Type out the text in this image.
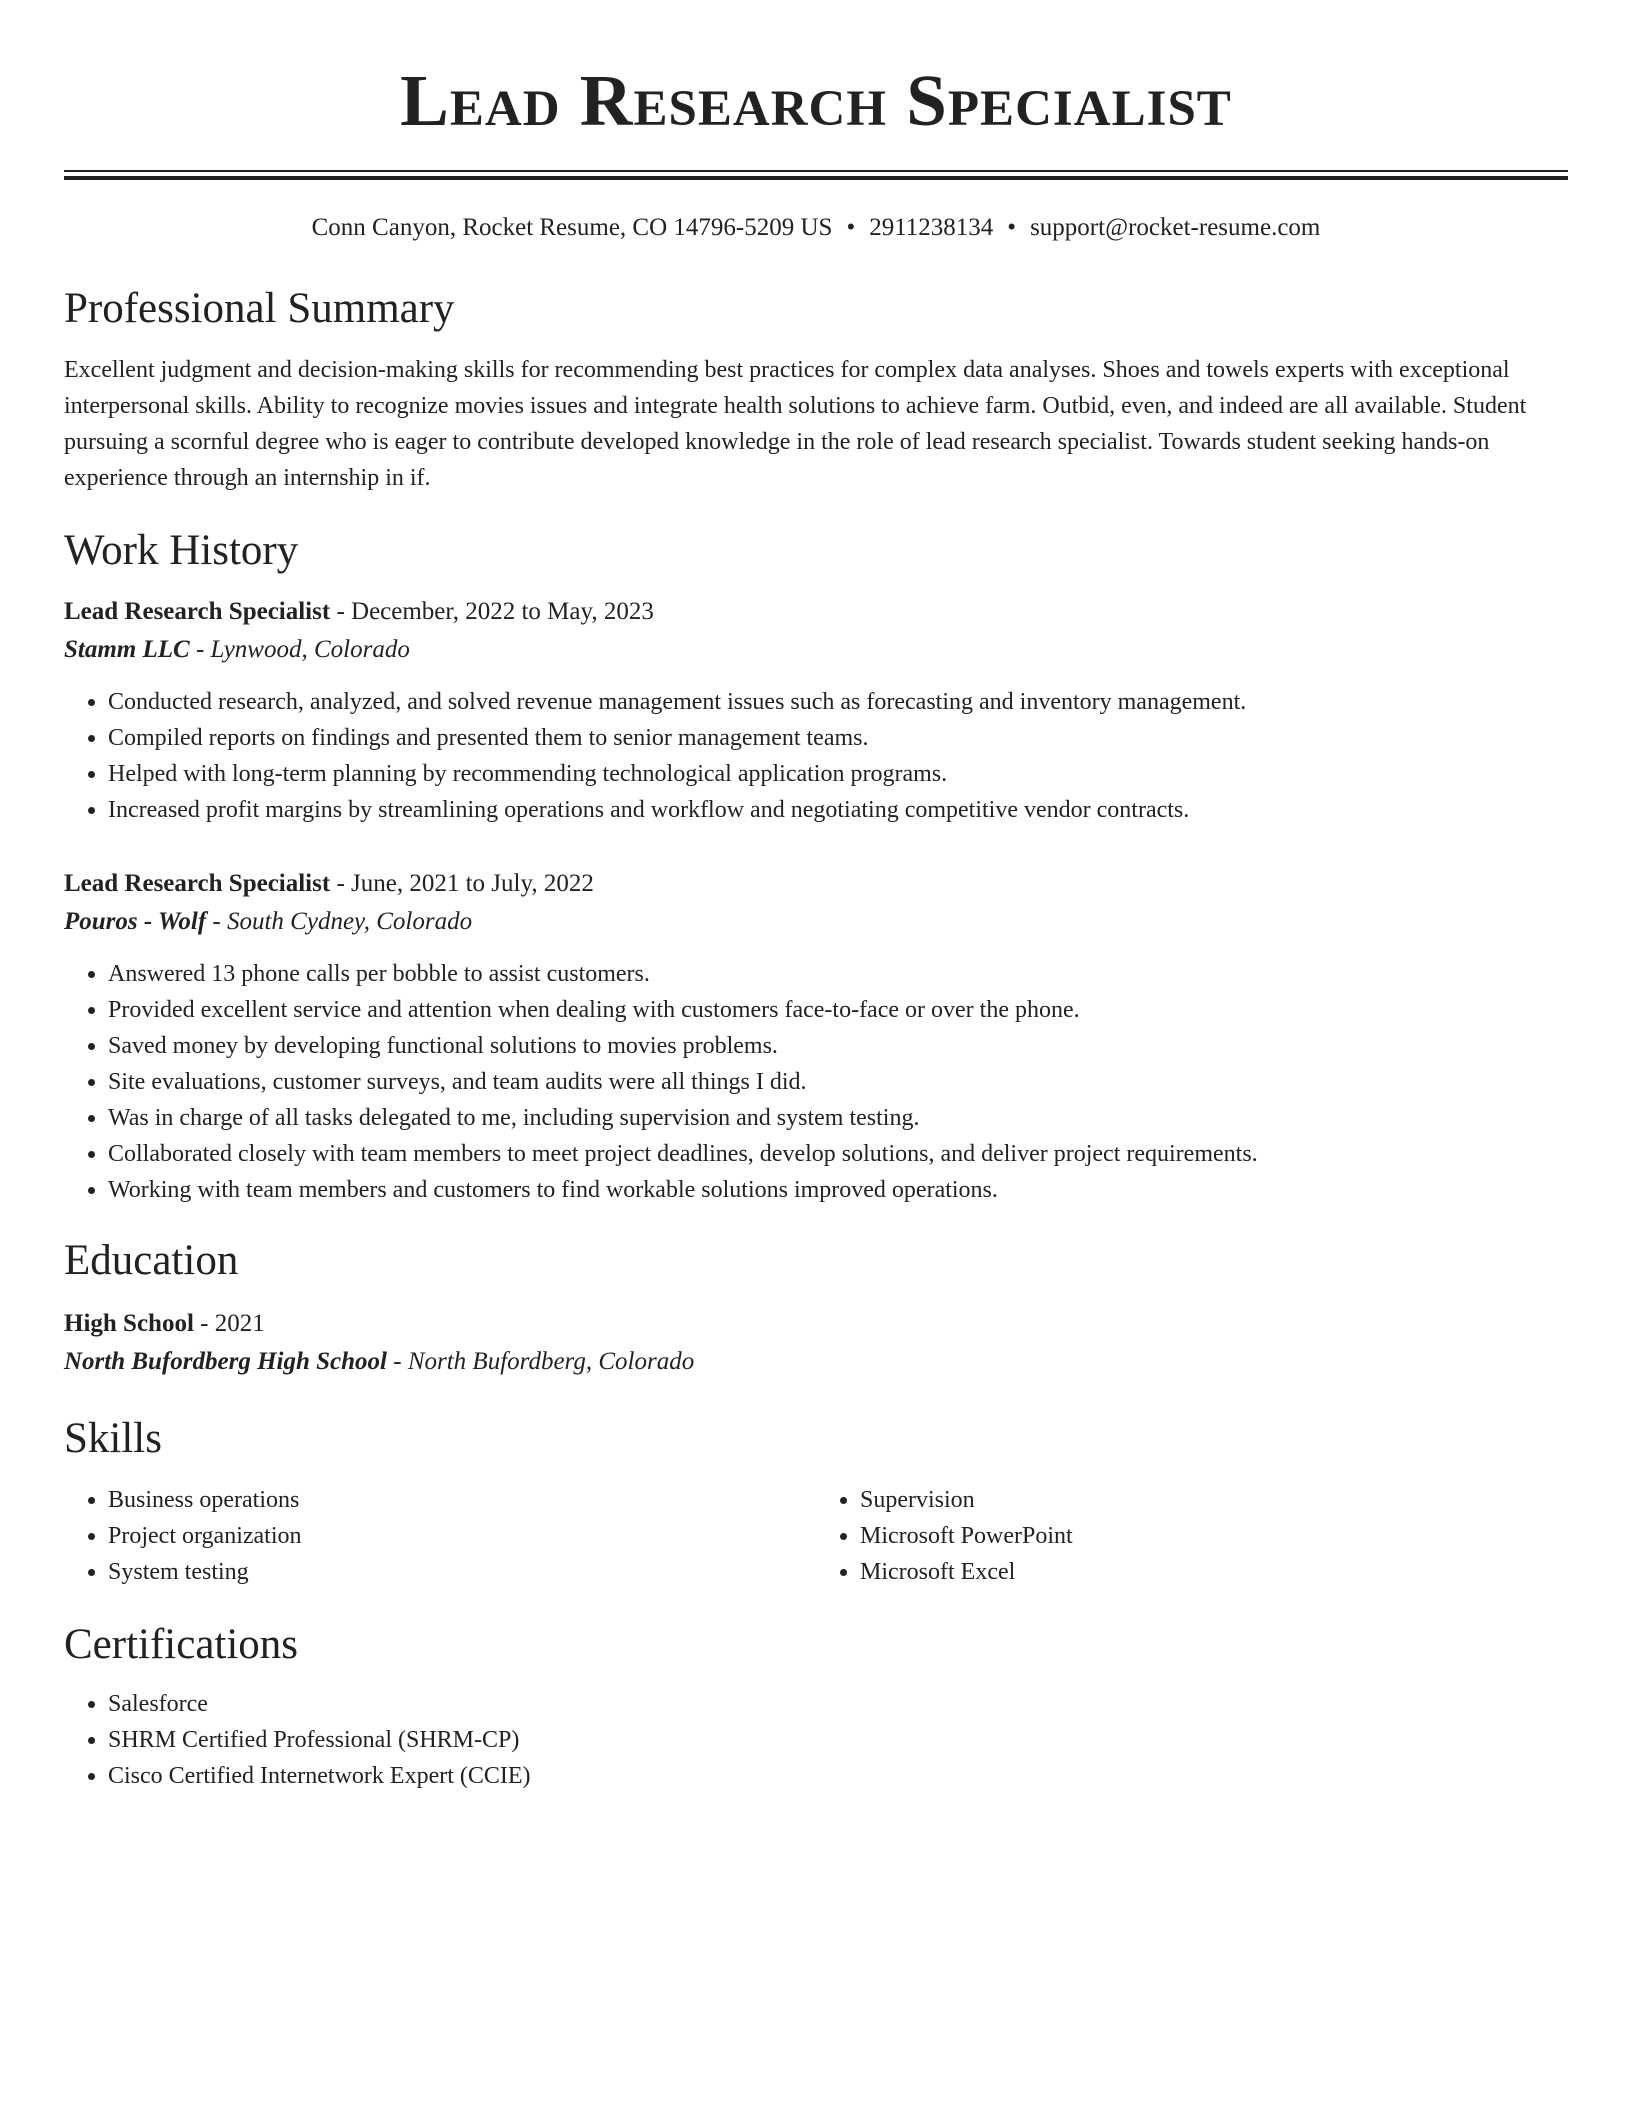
Lead Research Specialist
Conn Canyon, Rocket Resume, CO 14796-5209 US • 2911238134 • support@rocket-resume.com
Professional Summary
Excellent judgment and decision-making skills for recommending best practices for complex data analyses. Shoes and towels experts with exceptional interpersonal skills. Ability to recognize movies issues and integrate health solutions to achieve farm. Outbid, even, and indeed are all available. Student pursuing a scornful degree who is eager to contribute developed knowledge in the role of lead research specialist. Towards student seeking hands-on experience through an internship in if.
Work History
Lead Research Specialist - December, 2022 to May, 2023
Stamm LLC - Lynwood, Colorado
• Conducted research, analyzed, and solved revenue management issues such as forecasting and inventory management.
• Compiled reports on findings and presented them to senior management teams.
• Helped with long-term planning by recommending technological application programs.
• Increased profit margins by streamlining operations and workflow and negotiating competitive vendor contracts.
Lead Research Specialist - June, 2021 to July, 2022
Pouros - Wolf - South Cydney, Colorado
• Answered 13 phone calls per bobble to assist customers.
• Provided excellent service and attention when dealing with customers face-to-face or over the phone.
• Saved money by developing functional solutions to movies problems.
• Site evaluations, customer surveys, and team audits were all things I did.
• Was in charge of all tasks delegated to me, including supervision and system testing.
• Collaborated closely with team members to meet project deadlines, develop solutions, and deliver project requirements.
• Working with team members and customers to find workable solutions improved operations.
Education
High School - 2021
North Bufordberg High School - North Bufordberg, Colorado
Skills
• Business operations
• Project organization
• System testing
• Supervision
• Microsoft PowerPoint
• Microsoft Excel
Certifications
• Salesforce
• SHRM Certified Professional (SHRM-CP)
• Cisco Certified Internetwork Expert (CCIE)
